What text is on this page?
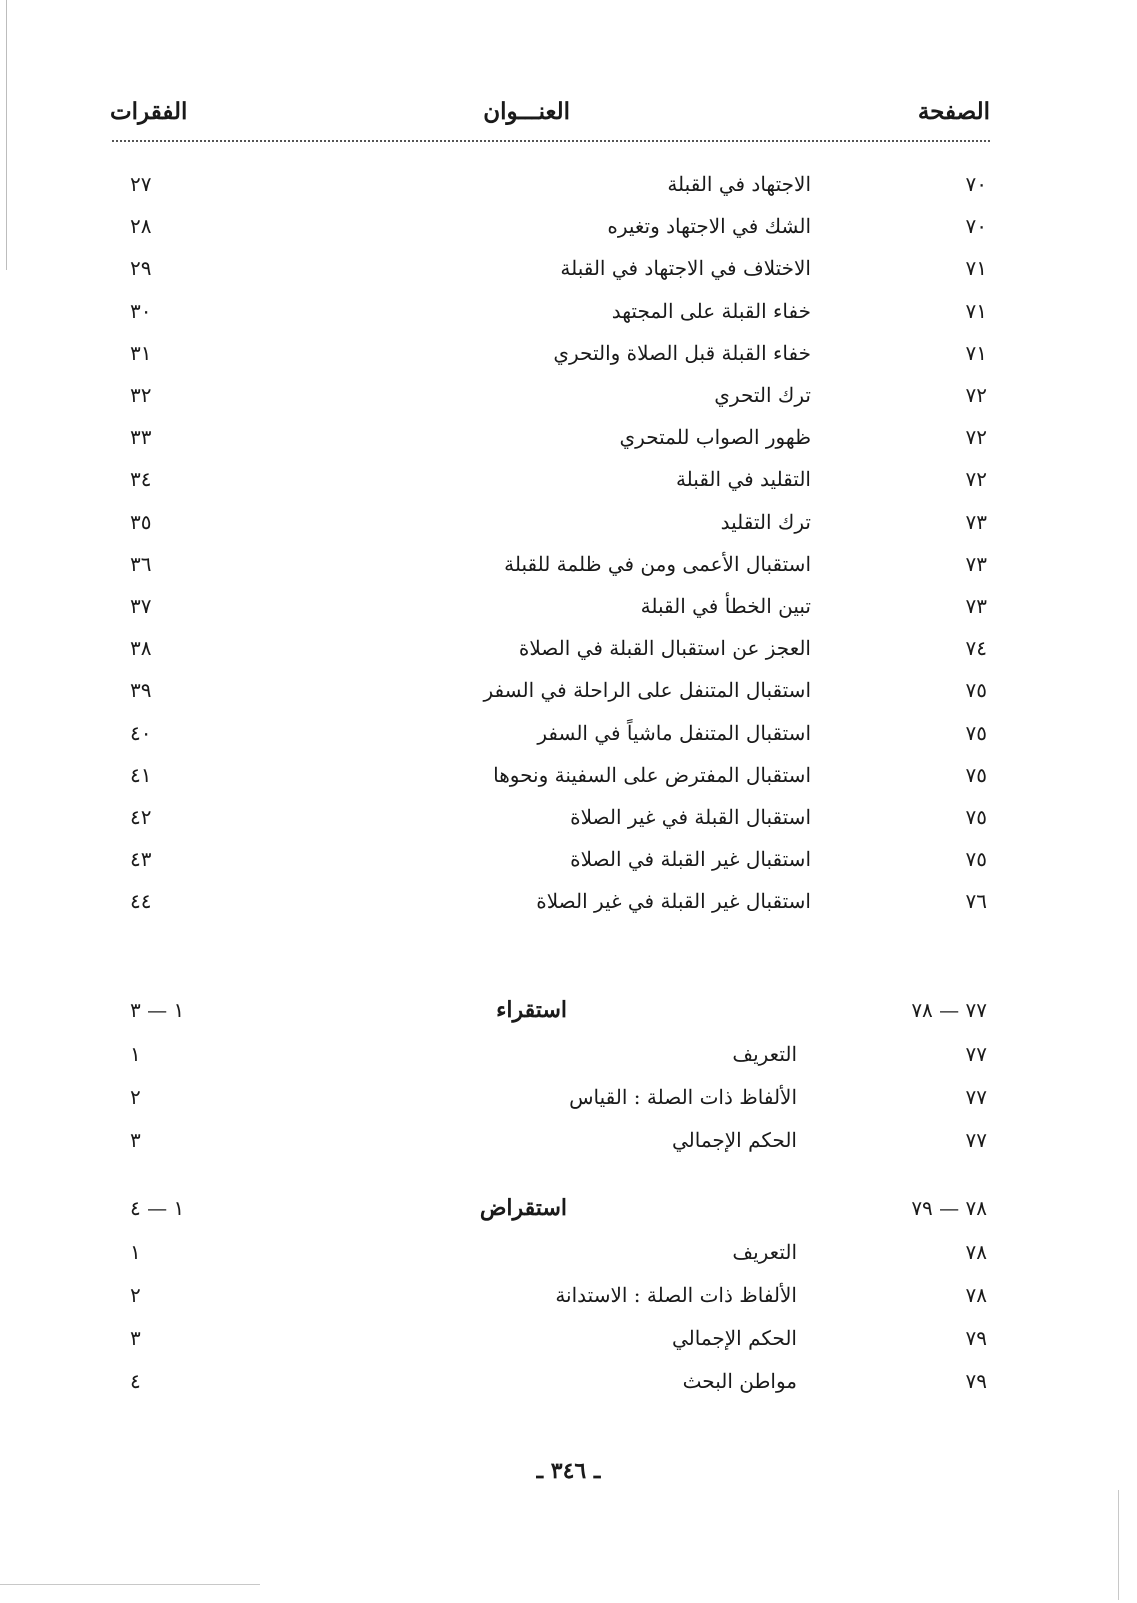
الصفحة
العنـــوان
الفقرات
٧٠
الاجتهاد في القبلة
٢٧
٧٠
الشك في الاجتهاد وتغيره
٢٨
٧١
الاختلاف في الاجتهاد في القبلة
٢٩
٧١
خفاء القبلة على المجتهد
٣٠
٧١
خفاء القبلة قبل الصلاة والتحري
٣١
٧٢
ترك التحري
٣٢
٧٢
ظهور الصواب للمتحري
٣٣
٧٢
التقليد في القبلة
٣٤
٧٣
ترك التقليد
٣٥
٧٣
استقبال الأعمى ومن في ظلمة للقبلة
٣٦
٧٣
تبين الخطأ في القبلة
٣٧
٧٤
العجز عن استقبال القبلة في الصلاة
٣٨
٧٥
استقبال المتنفل على الراحلة في السفر
٣٩
٧٥
استقبال المتنفل ماشياً في السفر
٤٠
٧٥
استقبال المفترض على السفينة ونحوها
٤١
٧٥
استقبال القبلة في غير الصلاة
٤٢
٧٥
استقبال غير القبلة في الصلاة
٤٣
٧٦
استقبال غير القبلة في غير الصلاة
٤٤
٧٧ — ٧٨
استقراء
١ — ٣
٧٧
التعريف
١
٧٧
الألفاظ ذات الصلة : القياس
٢
٧٧
الحكم الإجمالي
٣
٧٨ — ٧٩
استقراض
١ — ٤
٧٨
التعريف
١
٧٨
الألفاظ ذات الصلة : الاستدانة
٢
٧٩
الحكم الإجمالي
٣
٧٩
مواطن البحث
٤
ـ ٣٤٦ ـ
